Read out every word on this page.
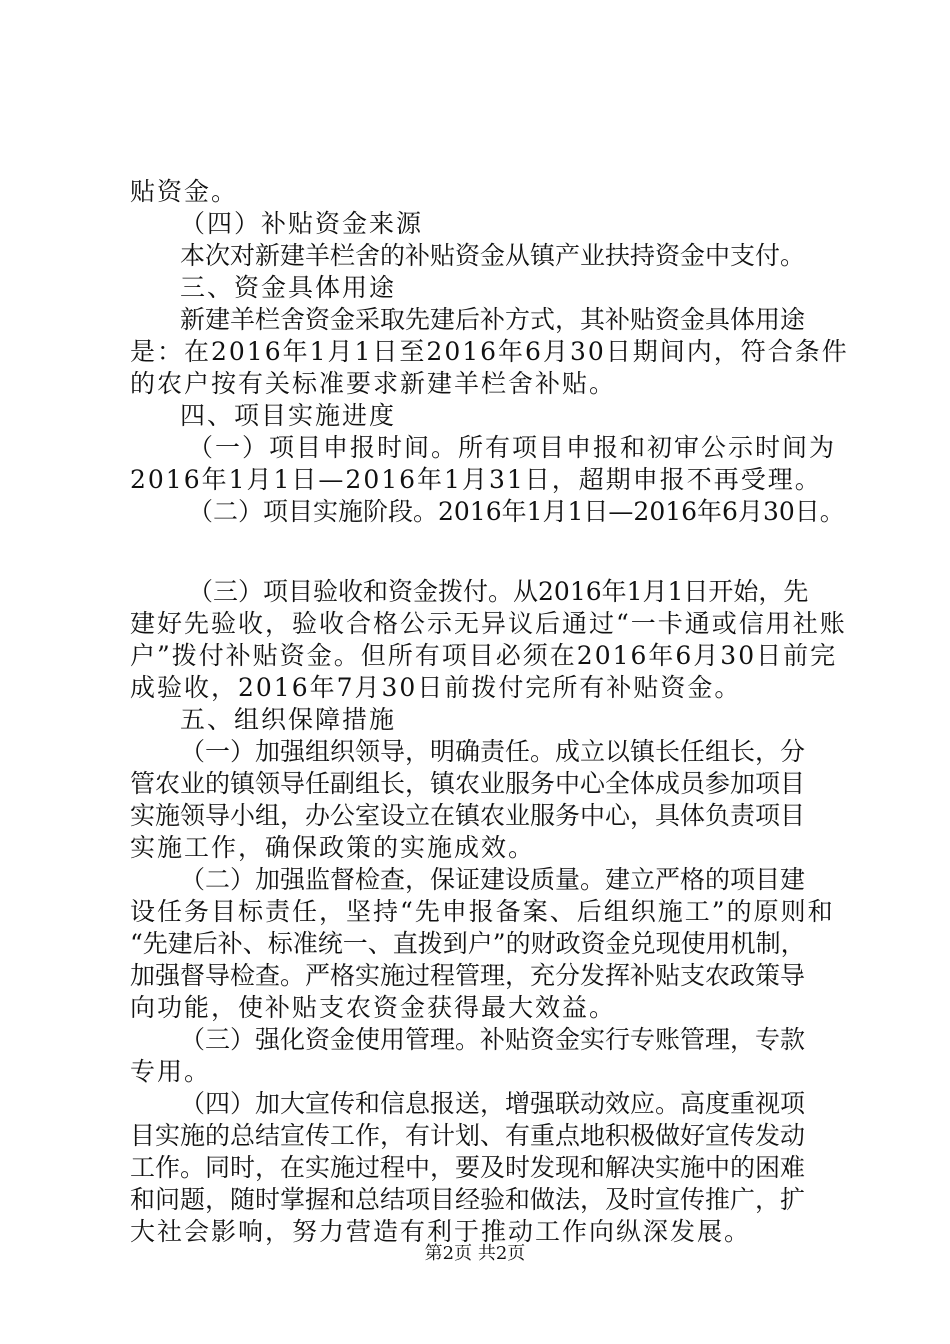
贴资金。
（四）补贴资金来源
本次对新建羊栏舍的补贴资金从镇产业扶持资金中支付。
三、资金具体用途
新建羊栏舍资金采取先建后补方式，其补贴资金具体用途
是：在2016年1月1日至2016年6月30日期间内，符合条件
的农户按有关标准要求新建羊栏舍补贴。
四、项目实施进度
（一）项目申报时间。所有项目申报和初审公示时间为
2016年1月1日—2016年1月31日，超期申报不再受理。
（二）项目实施阶段。2016年1月1日—2016年6月30日。
（三）项目验收和资金拨付。从2016年1月1日开始，先
建好先验收，验收合格公示无异议后通过“一卡通或信用社账
户”拨付补贴资金。但所有项目必须在2016年6月30日前完
成验收，2016年7月30日前拨付完所有补贴资金。
五、组织保障措施
（一）加强组织领导，明确责任。成立以镇长任组长，分
管农业的镇领导任副组长，镇农业服务中心全体成员参加项目
实施领导小组，办公室设立在镇农业服务中心，具体负责项目
实施工作，确保政策的实施成效。
（二）加强监督检查，保证建设质量。建立严格的项目建
设任务目标责任，坚持“先申报备案、后组织施工”的原则和
“先建后补、标准统一、直拨到户”的财政资金兑现使用机制，
加强督导检查。严格实施过程管理，充分发挥补贴支农政策导
向功能，使补贴支农资金获得最大效益。
（三）强化资金使用管理。补贴资金实行专账管理，专款
专用。
（四）加大宣传和信息报送，增强联动效应。高度重视项
目实施的总结宣传工作，有计划、有重点地积极做好宣传发动
工作。同时，在实施过程中，要及时发现和解决实施中的困难
和问题，随时掌握和总结项目经验和做法，及时宣传推广，扩
大社会影响，努力营造有利于推动工作向纵深发展。
第2页 共2页
